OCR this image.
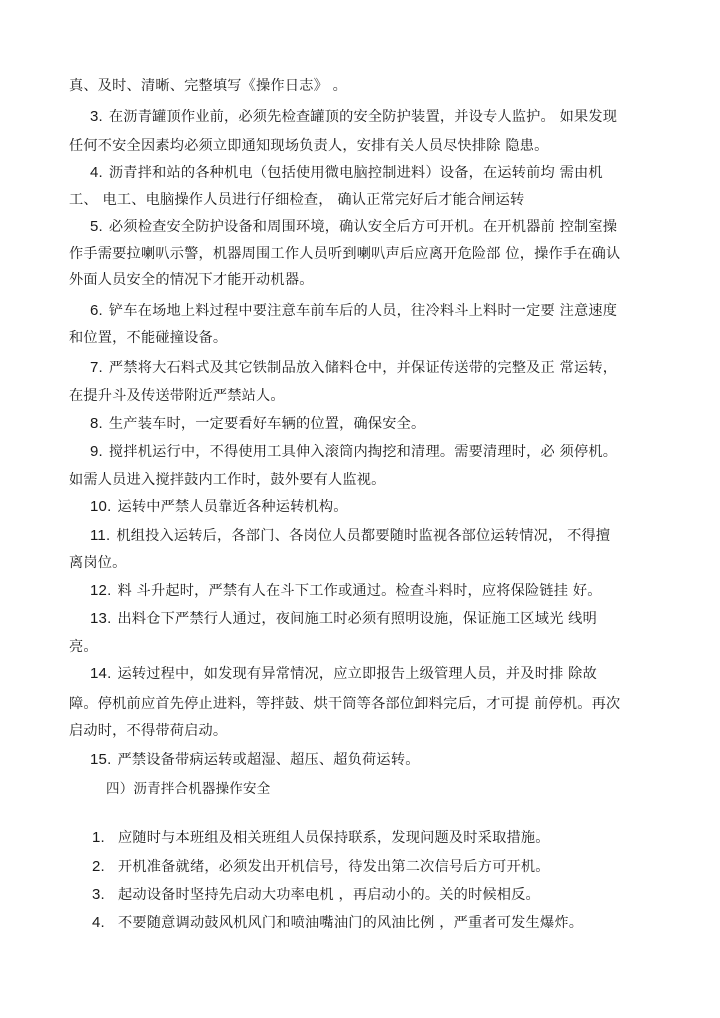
真、及时、清晰、完整填写《操作日志》 。
3. 在沥青罐顶作业前，必须先检查罐顶的安全防护装置，并设专人监护。 如果发现
任何不安全因素均必须立即通知现场负责人，安排有关人员尽快排除 隐患。
4. 沥青拌和站的各种机电（包括使用微电脑控制进料）设备，在运转前均 需由机
工、 电工、电脑操作人员进行仔细检查， 确认正常完好后才能合闸运转
5. 必须检查安全防护设备和周围环境，确认安全后方可开机。在开机器前 控制室操
作手需要拉喇叭示警，机器周围工作人员听到喇叭声后应离开危险部 位，操作手在确认
外面人员安全的情况下才能开动机器。
6. 铲车在场地上料过程中要注意车前车后的人员，往冷料斗上料时一定要 注意速度
和位置，不能碰撞设备。
7. 严禁将大石料式及其它铁制品放入储料仓中，并保证传送带的完整及正 常运转，
在提升斗及传送带附近严禁站人。
8. 生产装车时，一定要看好车辆的位置，确保安全。
9. 搅拌机运行中，不得使用工具伸入滚筒内掏挖和清理。需要清理时，必 须停机。
如需人员进入搅拌鼓内工作时，鼓外要有人监视。
10. 运转中严禁人员靠近各种运转机构。
11. 机组投入运转后，各部门、各岗位人员都要随时监视各部位运转情况， 不得擅
离岗位。
12. 料 斗升起时，严禁有人在斗下工作或通过。检查斗料时，应将保险链挂 好。
13. 出料仓下严禁行人通过，夜间施工时必须有照明设施，保证施工区域光 线明
亮。
14. 运转过程中，如发现有异常情况，应立即报告上级管理人员，并及时排 除故
障。停机前应首先停止进料，等拌鼓、烘干筒等各部位卸料完后，才可提 前停机。再次
启动时，不得带荷启动。
15. 严禁设备带病运转或超湿、超压、超负荷运转。
四）沥青拌合机器操作安全
1. 应随时与本班组及相关班组人员保持联系，发现问题及时采取措施。
2. 开机准备就绪，必须发出开机信号，待发出第二次信号后方可开机。
3. 起动设备时坚持先启动大功率电机 ，再启动小的。关的时候相反。
4. 不要随意调动鼓风机风门和喷油嘴油门的风油比例 ，严重者可发生爆炸。
